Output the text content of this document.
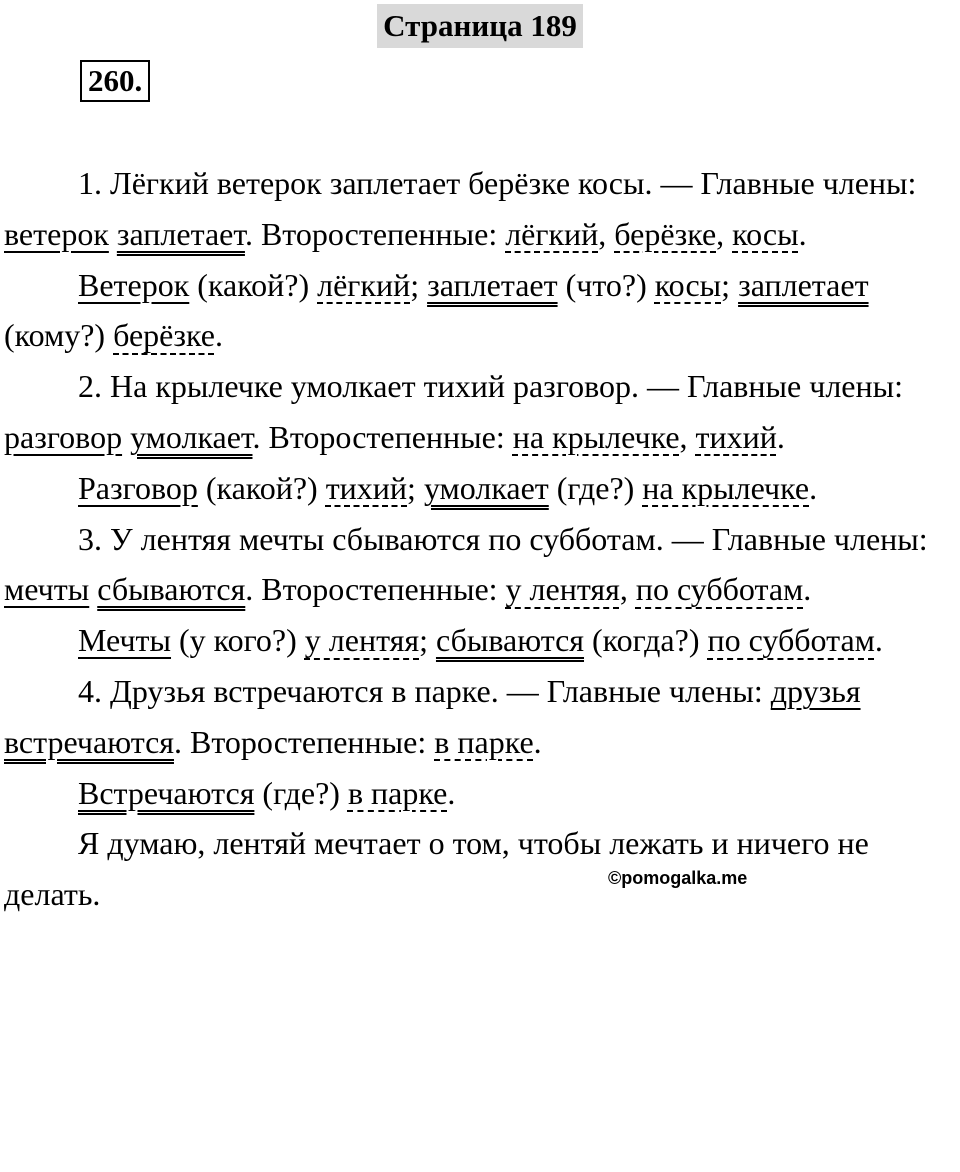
Страница 189
260.

1. Лёгкий ветерок заплетает берёзке косы. — Главные члены: ветерок заплетает. Второстепенные: лёгкий, берёзке, косы.

Ветерок (какой?) лёгкий; заплетает (что?) косы; заплетает (кому?) берёзке.

2. На крылечке умолкает тихий разговор. — Главные члены: разговор умолкает. Второстепенные: на крылечке, тихий.

Разговор (какой?) тихий; умолкает (где?) на крылечке.

3. У лентяя мечты сбываются по субботам. — Главные члены: мечты сбываются. Второстепенные: у лентяя, по субботам.

Мечты (у кого?) у лентяя; сбываются (когда?) по субботам.

4. Друзья встречаются в парке. — Главные члены: друзья встречаются. Второстепенные: в парке.

Встречаются (где?) в парке.

Я думаю, лентяй мечтает о том, чтобы лежать и ничего не делать.	©pomogalka.me
